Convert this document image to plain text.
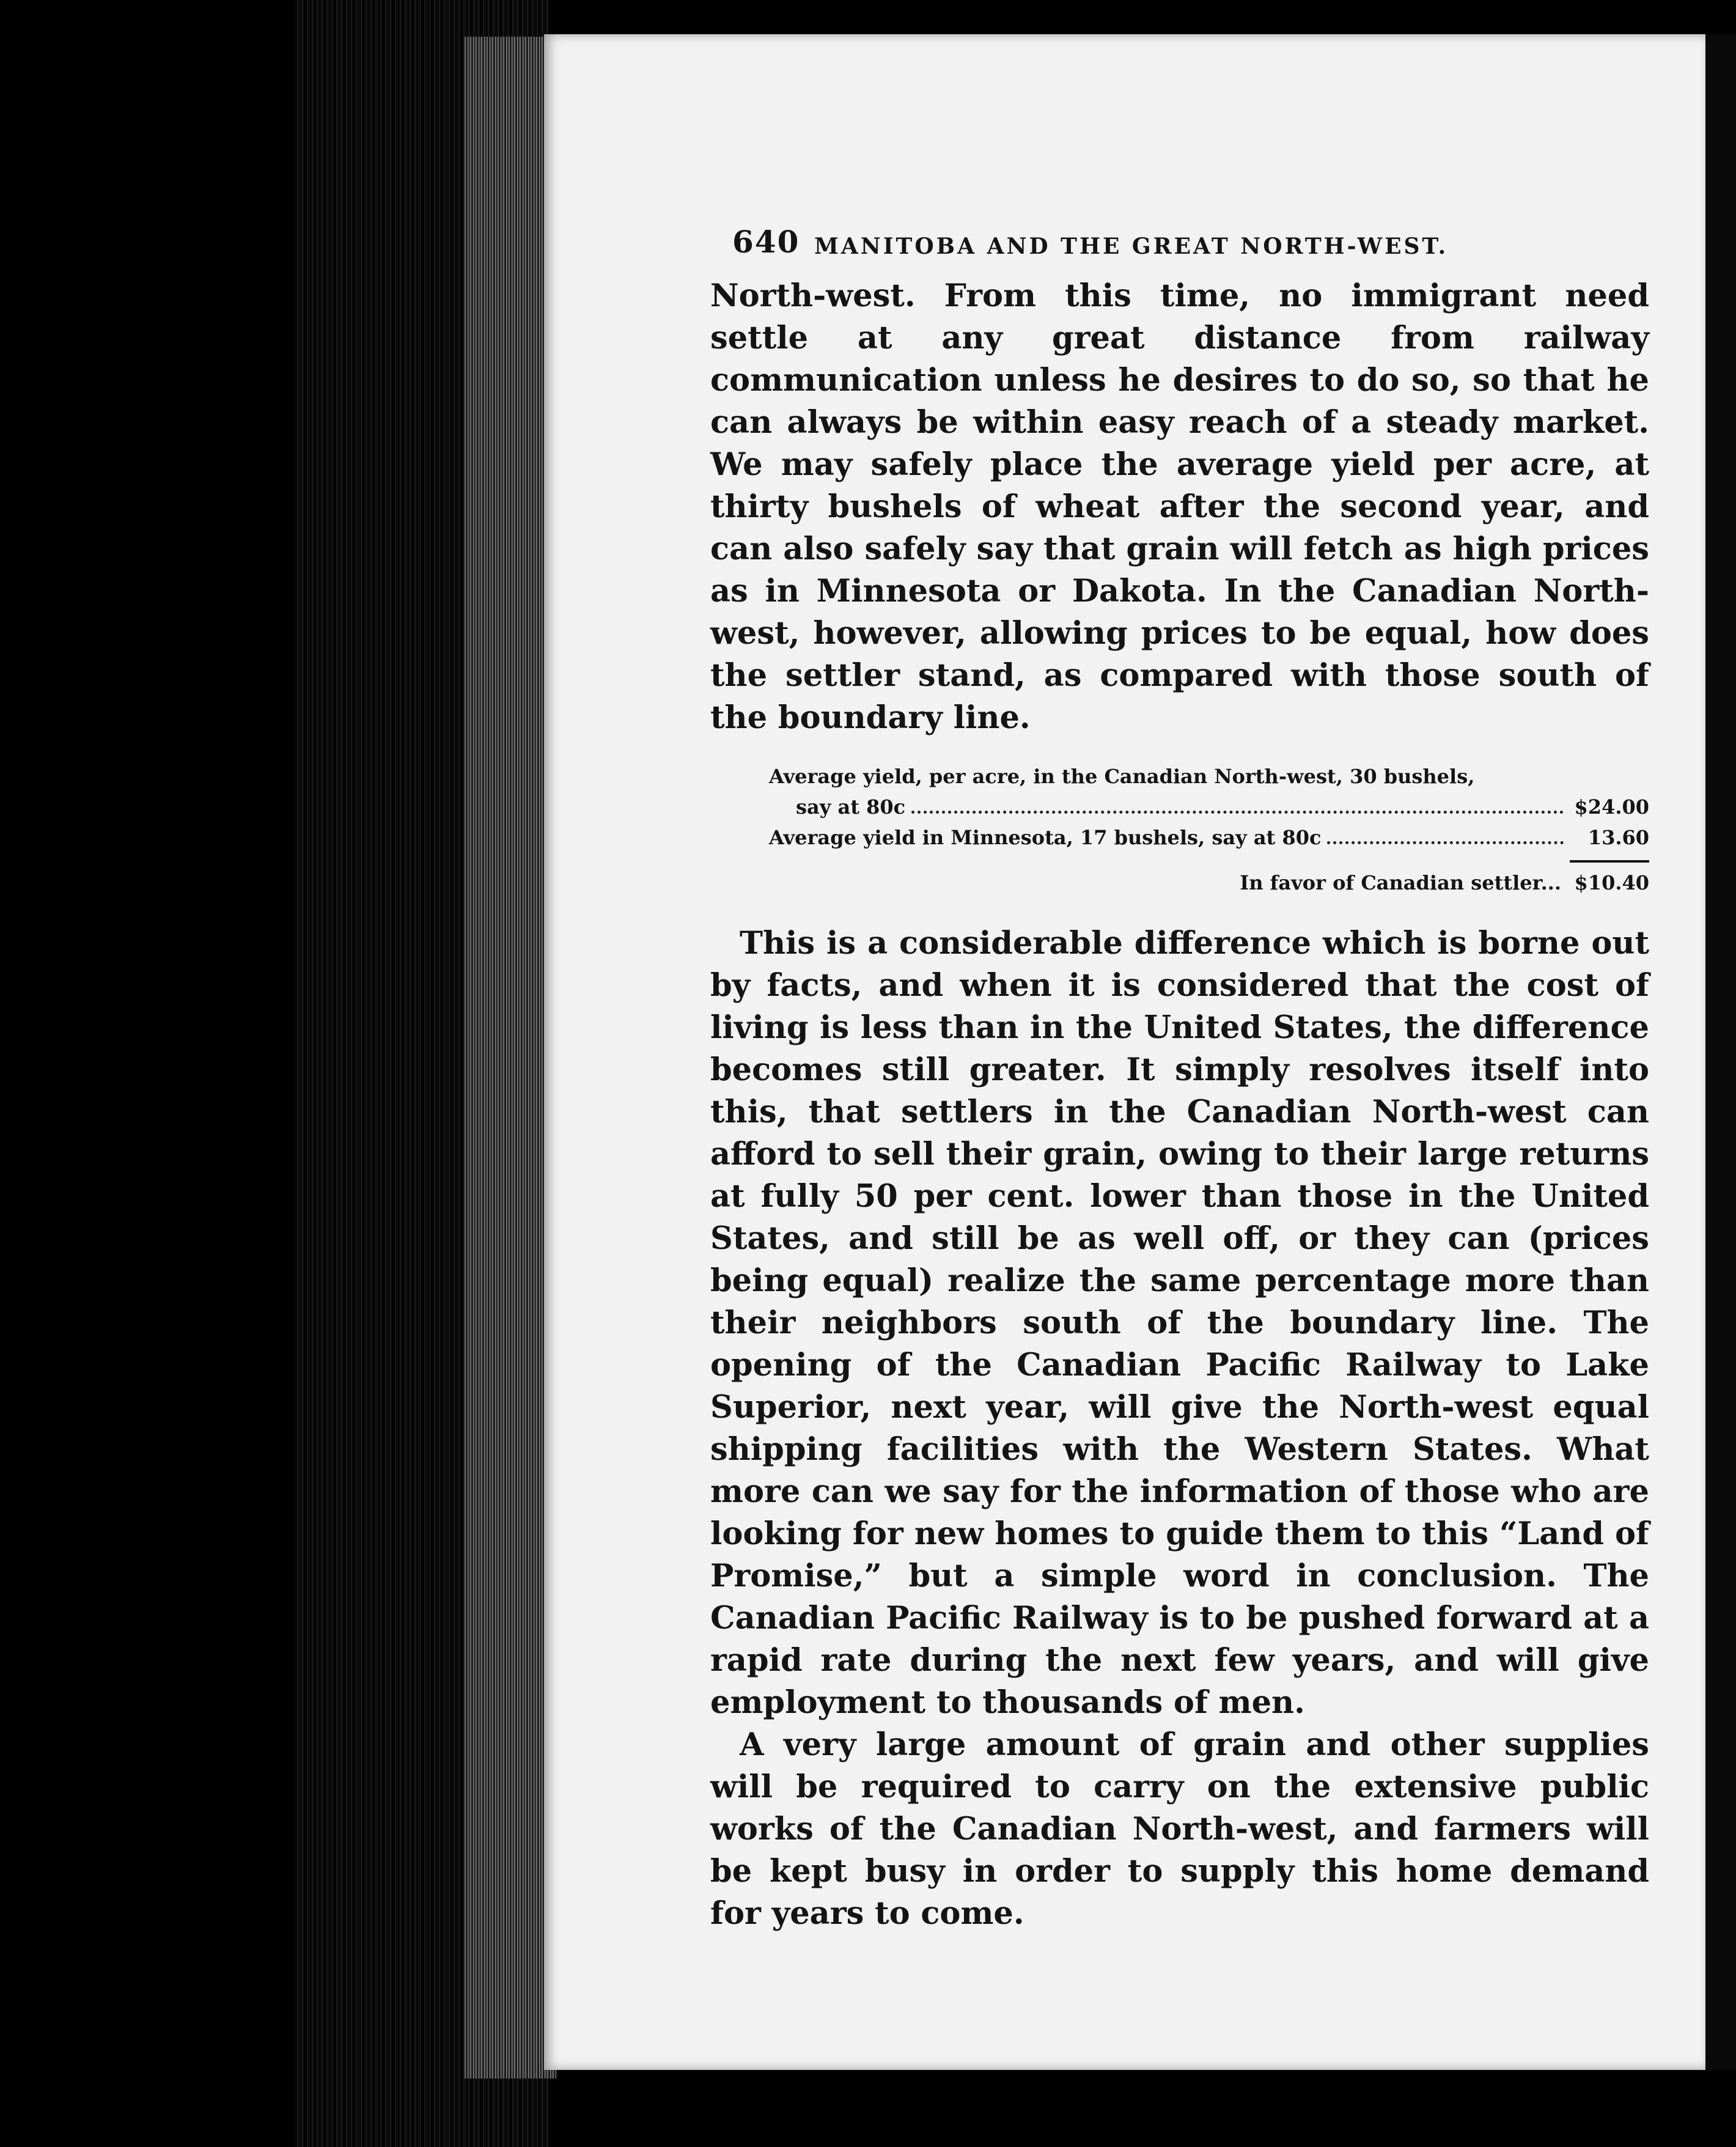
640 MANITOBA AND THE GREAT NORTH-WEST.

North-west. From this time, no immigrant need settle at any great distance from railway communication unless he desires to do so, so that he can always be within easy reach of a steady market. We may safely place the average yield per acre, at thirty bushels of wheat after the second year, and can also safely say that grain will fetch as high prices as in Minnesota or Dakota. In the Canadian North-west, however, allowing prices to be equal, how does the settler stand, as compared with those south of the boundary line.

Average yield, per acre, in the Canadian North-west, 30 bushels,
say at 80c	$24.00
Average yield in Minnesota, 17 bushels, say at 80c	13.60
In favor of Canadian settler... $10.40

This is a considerable difference which is borne out by facts, and when it is considered that the cost of living is less than in the United States, the difference becomes still greater. It simply resolves itself into this, that settlers in the Canadian North-west can afford to sell their grain, owing to their large returns at fully 50 per cent. lower than those in the United States, and still be as well off, or they can (prices being equal) realize the same percentage more than their neighbors south of the boundary line. The opening of the Canadian Pacific Railway to Lake Superior, next year, will give the North-west equal shipping facilities with the Western States. What more can we say for the information of those who are looking for new homes to guide them to this “Land of Promise,” but a simple word in conclusion. The Canadian Pacific Railway is to be pushed forward at a rapid rate during the next few years, and will give employment to thousands of men.

A very large amount of grain and other supplies will be required to carry on the extensive public works of the Canadian North-west, and farmers will be kept busy in order to supply this home demand for years to come.
